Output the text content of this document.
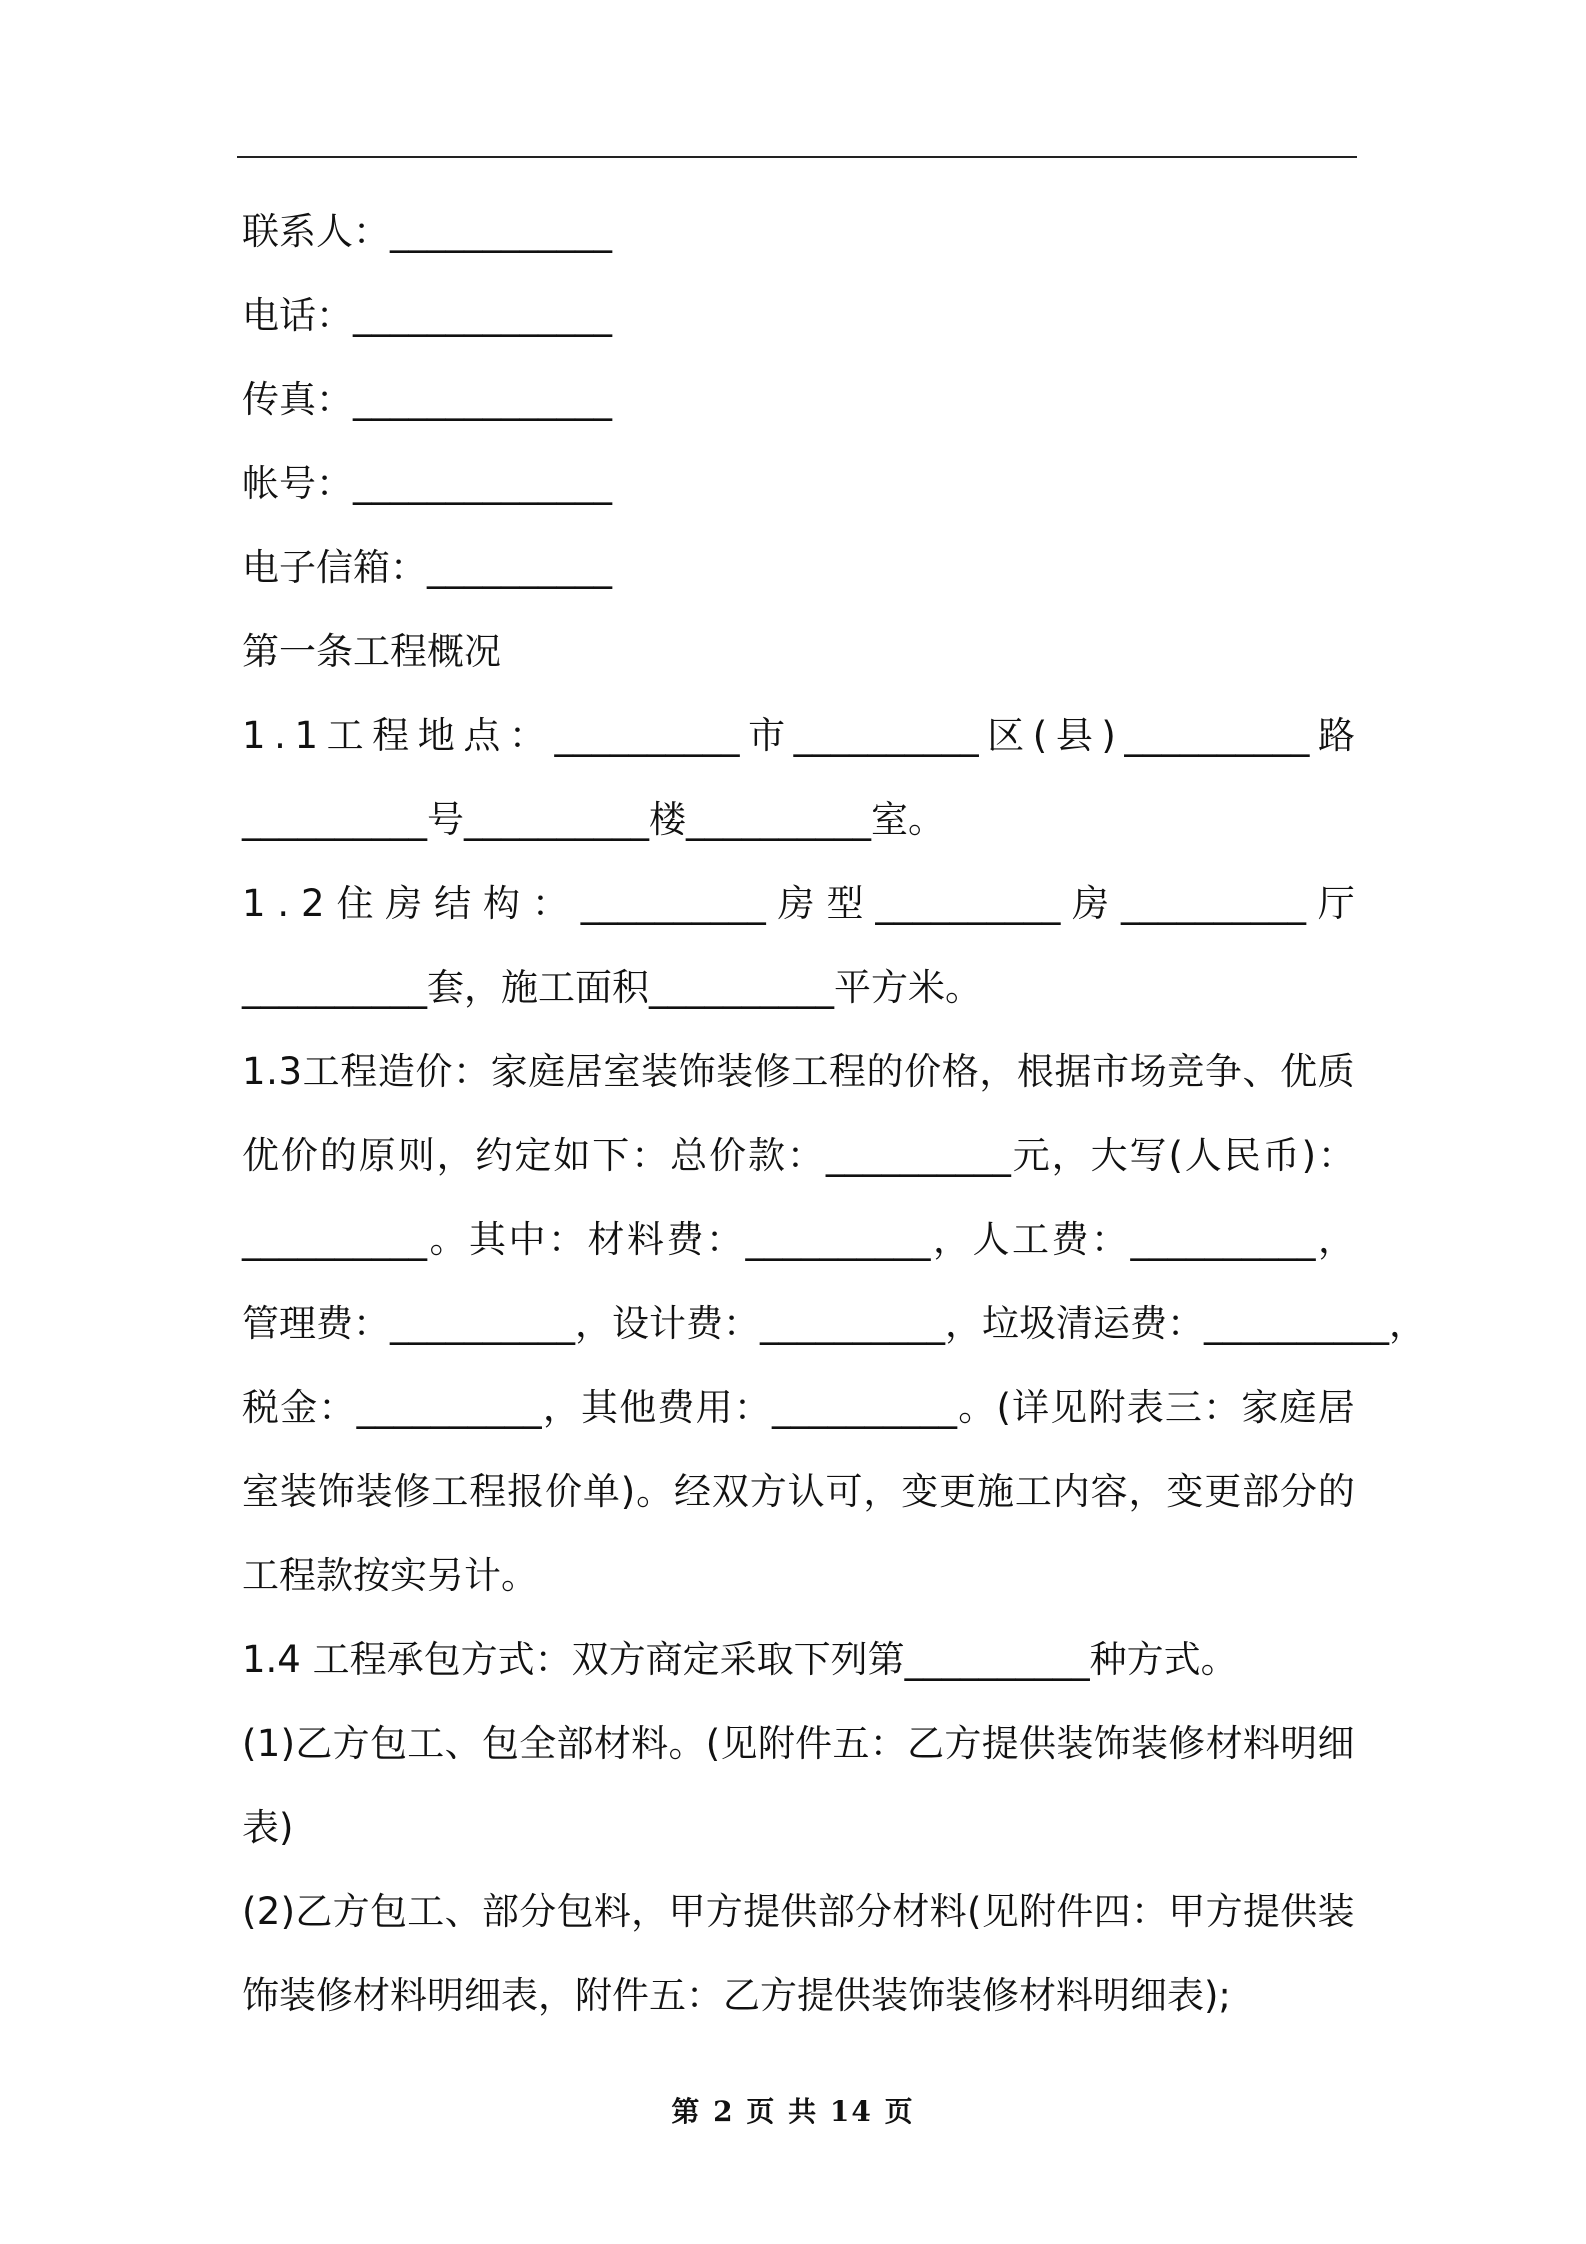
联系人：____________
电话：______________
传真：______________
帐号：______________
电子信箱：__________
第一条工程概况
1 . 1 工 程 地 点 ： __________ 市 __________ 区 ( 县 ) __________ 路
__________号__________楼__________室。
1 . 2 住 房 结 构 ： __________ 房 型 __________ 房 __________ 厅
__________套，施工面积__________平方米。
1 . 3 工 程 造 价 ： 家 庭 居 室 装 饰 装 修 工 程 的 价 格 ， 根 据 市 场 竞 争 、 优 质
优 价 的 原 则 ， 约 定 如 下 ： 总 价 款 ： __________ 元 ， 大 写 ( 人 民 币 ) ：
__________ 。 其 中 ： 材 料 费 ： __________ ， 人 工 费 ： __________ ，
管 理 费 ： __________ ， 设 计 费 ： __________ ， 垃 圾 清 运 费 ： __________ ，
税 金 ： __________ ， 其 他 费 用 ： __________ 。 ( 详 见 附 表 三 ： 家 庭 居
室 装 饰 装 修 工 程 报 价 单 ) 。 经 双 方 认 可 ， 变 更 施 工 内 容 ， 变 更 部 分 的
工程款按实另计。
1.4 工程承包方式：双方商定采取下列第__________种方式。
( 1 ) 乙 方 包 工 、 包 全 部 材 料 。 ( 见 附 件 五 ： 乙 方 提 供 装 饰 装 修 材 料 明 细
表)
( 2 ) 乙 方 包 工 、 部 分 包 料 ， 甲 方 提 供 部 分 材 料 ( 见 附 件 四 ： 甲 方 提 供 装
饰装修材料明细表，附件五：乙方提供装饰装修材料明细表);
第 2 页 共 14 页
